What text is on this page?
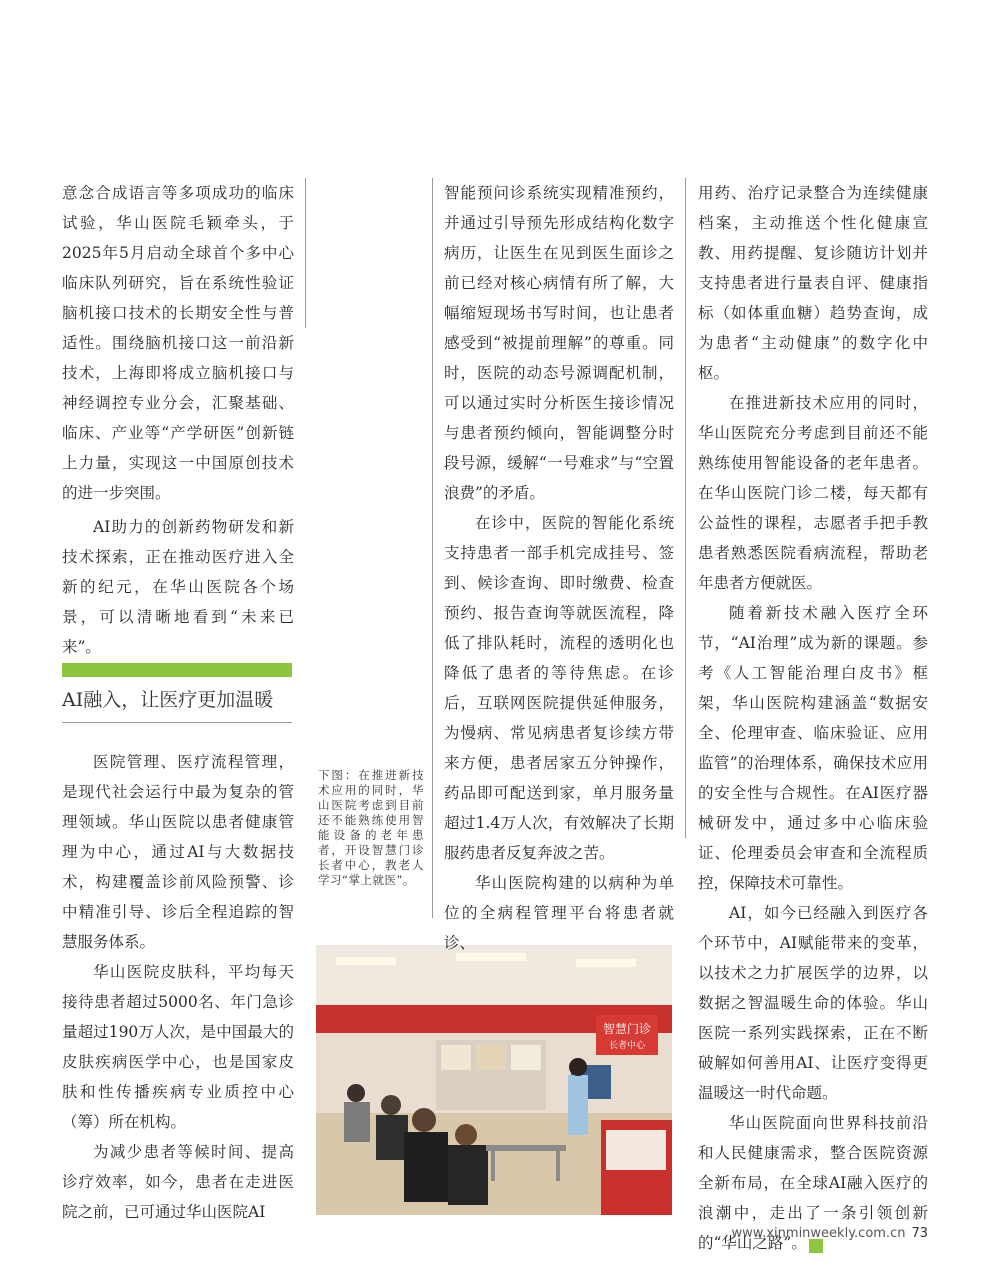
意念合成语言等多项成功的临床试验，华山医院毛颖牵头，于2025年5月启动全球首个多中心临床队列研究，旨在系统性验证脑机接口技术的长期安全性与普适性。围绕脑机接口这一前沿新技术，上海即将成立脑机接口与神经调控专业分会，汇聚基础、临床、产业等“产学研医”创新链上力量，实现这一中国原创技术的进一步突围。

AI助力的创新药物研发和新技术探索，正在推动医疗进入全新的纪元，在华山医院各个场景，可以清晰地看到“未来已来”。

AI融入，让医疗更加温暖

医院管理、医疗流程管理，是现代社会运行中最为复杂的管理领域。华山医院以患者健康管理为中心，通过AI与大数据技术，构建覆盖诊前风险预警、诊中精准引导、诊后全程追踪的智慧服务体系。

华山医院皮肤科，平均每天接待患者超过5000名、年门急诊量超过190万人次，是中国最大的皮肤疾病医学中心，也是国家皮肤和性传播疾病专业质控中心（筹）所在机构。

为减少患者等候时间、提高诊疗效率，如今，患者在走进医院之前，已可通过华山医院AI

下图：在推进新技术应用的同时，华山医院考虑到目前还不能熟练使用智能设备的老年患者，开设智慧门诊长者中心，教老人学习“掌上就医”。
智慧门诊
长者中心

智能预问诊系统实现精准预约，并通过引导预先形成结构化数字病历，让医生在见到医生面诊之前已经对核心病情有所了解，大幅缩短现场书写时间，也让患者感受到“被提前理解”的尊重。同时，医院的动态号源调配机制，可以通过实时分析医生接诊情况与患者预约倾向，智能调整分时段号源，缓解“一号难求”与“空置浪费”的矛盾。

在诊中，医院的智能化系统支持患者一部手机完成挂号、签到、候诊查询、即时缴费、检查预约、报告查询等就医流程，降低了排队耗时，流程的透明化也降低了患者的等待焦虑。在诊后，互联网医院提供延伸服务，为慢病、常见病患者复诊续方带来方便，患者居家五分钟操作，药品即可配送到家，单月服务量超过1.4万人次，有效解决了长期服药患者反复奔波之苦。

华山医院构建的以病种为单位的全病程管理平台将患者就诊、

用药、治疗记录整合为连续健康档案，主动推送个性化健康宣教、用药提醒、复诊随访计划并支持患者进行量表自评、健康指标（如体重血糖）趋势查询，成为患者“主动健康”的数字化中枢。

在推进新技术应用的同时，华山医院充分考虑到目前还不能熟练使用智能设备的老年患者。在华山医院门诊二楼，每天都有公益性的课程，志愿者手把手教患者熟悉医院看病流程，帮助老年患者方便就医。

随着新技术融入医疗全环节，“AI治理”成为新的课题。参考《人工智能治理白皮书》框架，华山医院构建涵盖“数据安全、伦理审查、临床验证、应用监管”的治理体系，确保技术应用的安全性与合规性。在AI医疗器械研发中，通过多中心临床验证、伦理委员会审查和全流程质控，保障技术可靠性。

AI，如今已经融入到医疗各个环节中，AI赋能带来的变革，以技术之力扩展医学的边界，以数据之智温暖生命的体验。华山医院一系列实践探索，正在不断破解如何善用AI、让医疗变得更温暖这一时代命题。

华山医院面向世界科技前沿和人民健康需求，整合医院资源全新布局，在全球AI融入医疗的浪潮中，走出了一条引领创新的“华山之路”。	民

www.xinminweekly.com.cn 73
